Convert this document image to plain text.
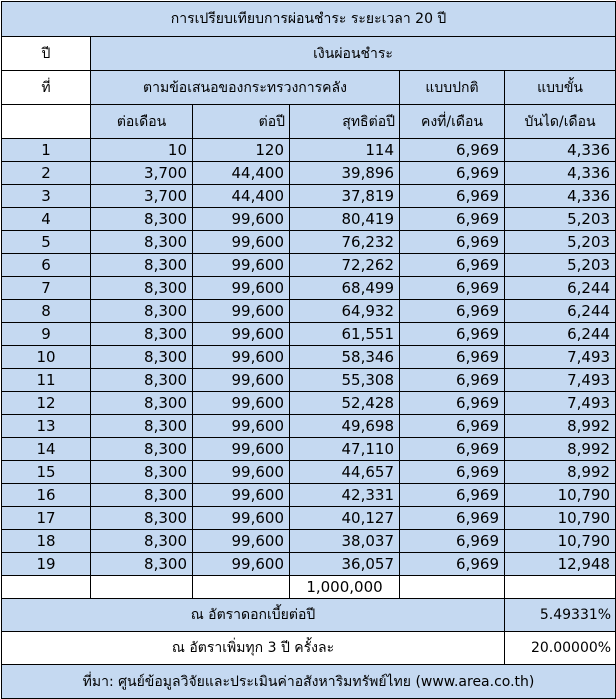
การเปรียบเทียบการผ่อนชำระ ระยะเวลา 20 ปี					
ปี	เงินผ่อนชำระ				
ที่	ตามข้อเสนอของกระทรวงการคลัง			แบบปกติ	แบบขั้น
	ต่อเดือน	ต่อปี	สุทธิต่อปี	คงที่/เดือน	บันได/เดือน
1	10	120	114	6,969	4,336
2	3,700	44,400	39,896	6,969	4,336
3	3,700	44,400	37,819	6,969	4,336
4	8,300	99,600	80,419	6,969	5,203
5	8,300	99,600	76,232	6,969	5,203
6	8,300	99,600	72,262	6,969	5,203
7	8,300	99,600	68,499	6,969	6,244
8	8,300	99,600	64,932	6,969	6,244
9	8,300	99,600	61,551	6,969	6,244
10	8,300	99,600	58,346	6,969	7,493
11	8,300	99,600	55,308	6,969	7,493
12	8,300	99,600	52,428	6,969	7,493
13	8,300	99,600	49,698	6,969	8,992
14	8,300	99,600	47,110	6,969	8,992
15	8,300	99,600	44,657	6,969	8,992
16	8,300	99,600	42,331	6,969	10,790
17	8,300	99,600	40,127	6,969	10,790
18	8,300	99,600	38,037	6,969	10,790
19	8,300	99,600	36,057	6,969	12,948
			1,000,000		
ณ อัตราดอกเบี้ยต่อปี					5.49331%
ณ อัตราเพิ่มทุก 3 ปี ครั้งละ					20.00000%
ที่มา: ศูนย์ข้อมูลวิจัยและประเมินค่าอสังหาริมทรัพย์ไทย (www.area.co.th)					
